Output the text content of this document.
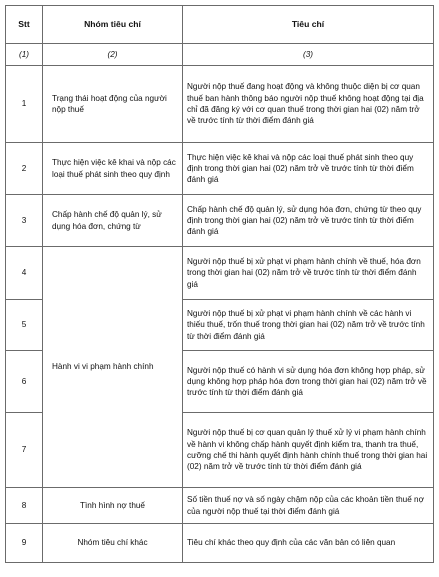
Stt	Nhóm tiêu chí	Tiêu chí
(1)	(2)	(3)
1	Trạng thái hoạt động của người nộp thuế	Người nộp thuế đang hoạt động và không thuộc diện bị cơ quan thuế ban hành thông báo người nộp thuế không hoạt động tại địa chỉ đã đăng ký với cơ quan thuế trong thời gian hai (02) năm trở về trước tính từ thời điểm đánh giá
2	Thực hiện việc kê khai và nộp các loại thuế phát sinh theo quy định	Thực hiện việc kê khai và nộp các loại thuế phát sinh theo quy định trong thời gian hai (02) năm trở về trước tính từ thời điểm đánh giá
3	Chấp hành chế độ quản lý, sử dụng hóa đơn, chứng từ	Chấp hành chế độ quản lý, sử dụng hóa đơn, chứng từ theo quy định trong thời gian hai (02) năm trở về trước tính từ thời điểm đánh giá
4	Hành vi vi phạm hành chính	Người nộp thuế bị xử phạt vi phạm hành chính về thuế, hóa đơn trong thời gian hai (02) năm trở về trước tính từ thời điểm đánh giá
5		Người nộp thuế bị xử phạt vi phạm hành chính về các hành vi thiếu thuế, trốn thuế trong thời gian hai (02) năm trở về trước tính từ thời điểm đánh giá
6		Người nộp thuế có hành vi sử dụng hóa đơn không hợp pháp, sử dụng không hợp pháp hóa đơn trong thời gian hai (02) năm trở về trước tính từ thời điểm đánh giá
7		Người nộp thuế bị cơ quan quản lý thuế xử lý vi phạm hành chính về hành vi không chấp hành quyết định kiểm tra, thanh tra thuế, cưỡng chế thi hành quyết định hành chính thuế trong thời gian hai (02) năm trở về trước tính từ thời điểm đánh giá
8	Tình hình nợ thuế	Số tiền thuế nợ và số ngày chậm nộp của các khoản tiền thuế nợ của người nộp thuế tại thời điểm đánh giá
9	Nhóm tiêu chí khác	Tiêu chí khác theo quy định của các văn bản có liên quan
